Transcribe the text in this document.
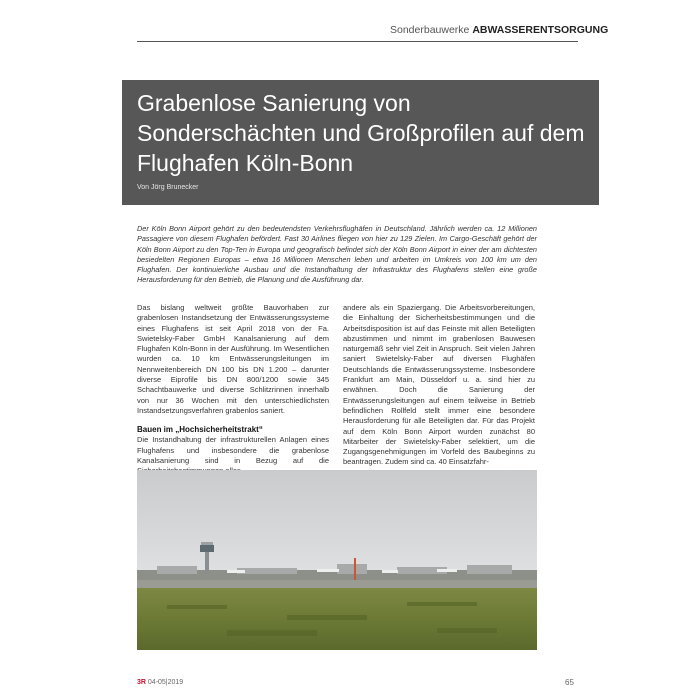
Sonderbauwerke ABWASSERENTSORGUNG
Grabenlose Sanierung von Sonderschächten und Großprofilen auf dem Flughafen Köln-Bonn
Von Jörg Brunecker
Der Köln Bonn Airport gehört zu den bedeutendsten Verkehrsflughäfen in Deutschland. Jährlich werden ca. 12 Millionen Passagiere von diesem Flughafen befördert. Fast 30 Airlines fliegen von hier zu 129 Zielen. Im Cargo-Geschäft gehört der Köln Bonn Airport zu den Top-Ten in Europa und geografisch befindet sich der Köln Bonn Airport in einer der am dichtesten besiedelten Regionen Europas – etwa 16 Millionen Menschen leben und arbeiten im Umkreis von 100 km um den Flughafen. Der kontinuierliche Ausbau und die Instandhaltung der Infrastruktur des Flughafens stellen eine große Herausforderung für den Betrieb, die Planung und die Ausführung dar.

Das bislang weltweit größte Bauvorhaben zur grabenlosen Instandsetzung der Entwässerungssysteme eines Flughafens ist seit April 2018 von der Fa. Swietelsky-Faber GmbH Kanalsanierung auf dem Flughafen Köln-Bonn in der Ausführung. Im Wesentlichen wurden ca. 10 km Entwässerungsleitungen im Nennweitenbereich DN 100 bis DN 1.200 – darunter diverse Eiprofile bis DN 800/1200 sowie 345 Schachtbauwerke und diverse Schlitzrinnen innerhalb von nur 36 Wochen mit den unterschiedlichsten Instandsetzungsverfahren grabenlos saniert.

Bauen im „Hochsicherheitstrakt“

Die Instandhaltung der infrastrukturellen Anlagen eines Flughafens und insbesondere die grabenlose Kanalsanierung sind in Bezug auf die

andere als ein Spaziergang. Die Arbeitsvorbereitungen, die Einhaltung der Sicherheitsbestimmungen und die Arbeitsdisposition ist auf das Feinste mit allen Beteiligten abzustimmen und nimmt im grabenlosen Bauwesen naturgemäß sehr viel Zeit in Anspruch. Seit vielen Jahren saniert Swietelsky-Faber auf diversen Flughäfen Deutschlands die Entwässerungssysteme. Insbesondere Frankfurt am Main, Düsseldorf u. a. sind hier zu erwähnen. Doch die Sanierung der Entwässerungsleitungen auf einem teilweise in Betrieb befindlichen Rollfeld stellt immer eine besondere Herausforderung für alle Beteiligten dar. Für das Projekt auf dem Köln Bonn Airport wurden zunächst 80 Mitarbeiter der Swietelsky-Faber selektiert, um die Zugangsgenehmigungen im Vorfeld des Baubeginns zu beantragen. Zudem sind ca. 40 Einsatzfahr-

3R 04-05|2019	65
